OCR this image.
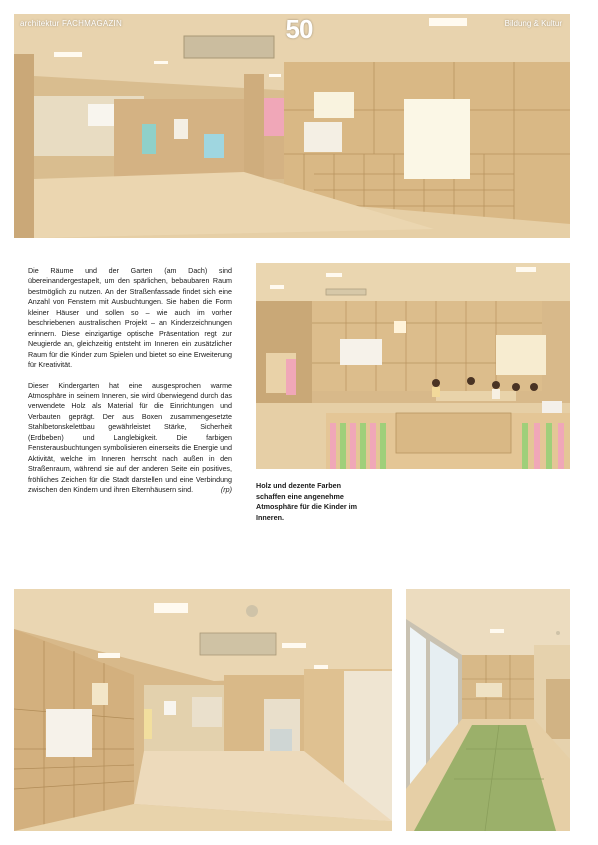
architektur FACHMAGAZIN	50	Bildung & Kultur

Die Räume und der Garten (am Dach) sind übereinandergestapelt, um den spärlichen, bebaubaren Raum bestmöglich zu nutzen. An der Straßenfassade findet sich eine Anzahl von Fenstern mit Ausbuchtungen. Sie haben die Form kleiner Häuser und sollen so – wie auch im vorher beschriebenen australischen Projekt – an Kinderzeichnungen erinnern. Diese einzigartige optische Präsentation regt zur Neugierde an, gleichzeitig entsteht im Inneren ein zusätzlicher Raum für die Kinder zum Spielen und bietet so eine Erweiterung für Kreativität.

Dieser Kindergarten hat eine ausgesprochen warme Atmosphäre in seinem Inneren, sie wird überwiegend durch das verwendete Holz als Material für die Einrichtungen und Verbauten geprägt. Der aus Boxen zusammengesetzte Stahlbetonskelettbau gewährleistet Stärke, Sicherheit (Erdbeben) und Langlebigkeit. Die farbigen Fensterausbuchtungen symbolisieren einerseits die Energie und Aktivität, welche im Inneren herrscht nach außen in den Straßenraum, während sie auf der anderen Seite ein positives, fröhliches Zeichen für die Stadt darstellen und eine Verbindung zwischen den Kindern und ihren Elternhäusern sind.	(rp)

Holz und dezente Farben schaffen eine angenehme Atmosphäre für die Kinder im Inneren.
